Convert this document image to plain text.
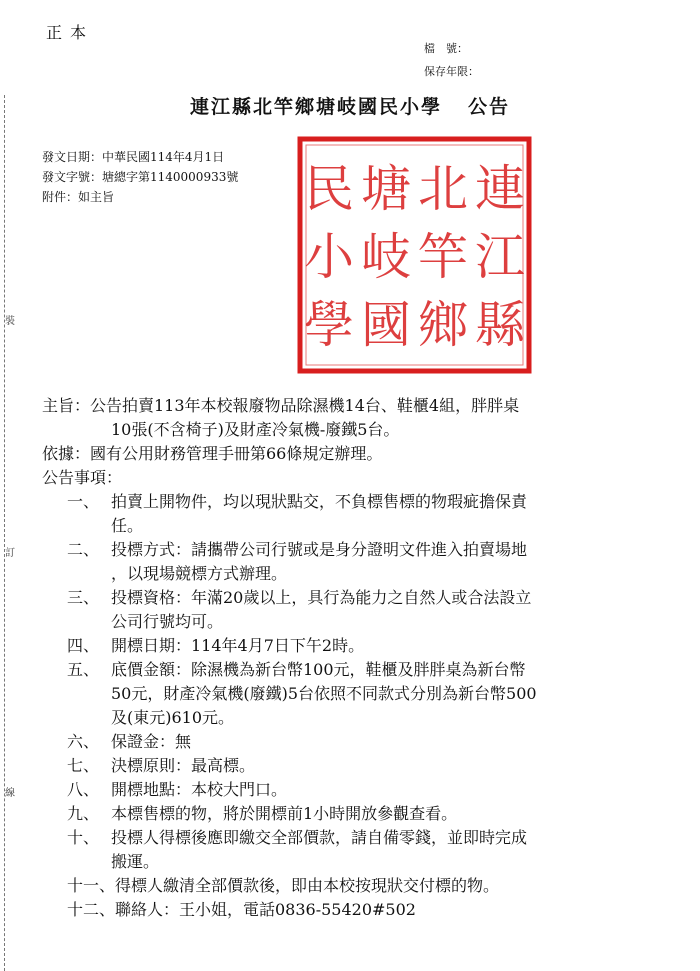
正本
檔　號：
保存年限：
裝
訂
線
連江縣北竿鄉塘岐國民小學 公告
發文日期：中華民國114年4月1日
發文字號：塘總字第1140000933號
附件：如主旨	連
江
縣
北
竿
鄉
塘
岐
國
民
小
學
主旨：公告拍賣113年本校報廢物品除濕機14台、鞋櫃4組，胖胖桌
10張(不含椅子)及財產冷氣機-廢鐵5台。
依據：國有公用財務管理手冊第66條規定辦理。
公告事項：
一、 拍賣上開物件，均以現狀點交，不負標售標的物瑕疵擔保責
任。
二、 投標方式：請攜帶公司行號或是身分證明文件進入拍賣場地
，以現場競標方式辦理。
三、 投標資格：年滿20歲以上，具行為能力之自然人或合法設立
公司行號均可。
四、 開標日期：114年4月7日下午2時。
五、 底價金額：除濕機為新台幣100元，鞋櫃及胖胖桌為新台幣
50元，財產冷氣機(廢鐵)5台依照不同款式分別為新台幣500
及(東元)610元。
六、 保證金：無
七、 決標原則：最高標。
八、 開標地點：本校大門口。
九、 本標售標的物，將於開標前1小時開放參觀查看。
十、 投標人得標後應即繳交全部價款，請自備零錢，並即時完成
搬運。
十一、 得標人繳清全部價款後，即由本校按現狀交付標的物。
十二、 聯絡人：王小姐，電話0836-55420#502
